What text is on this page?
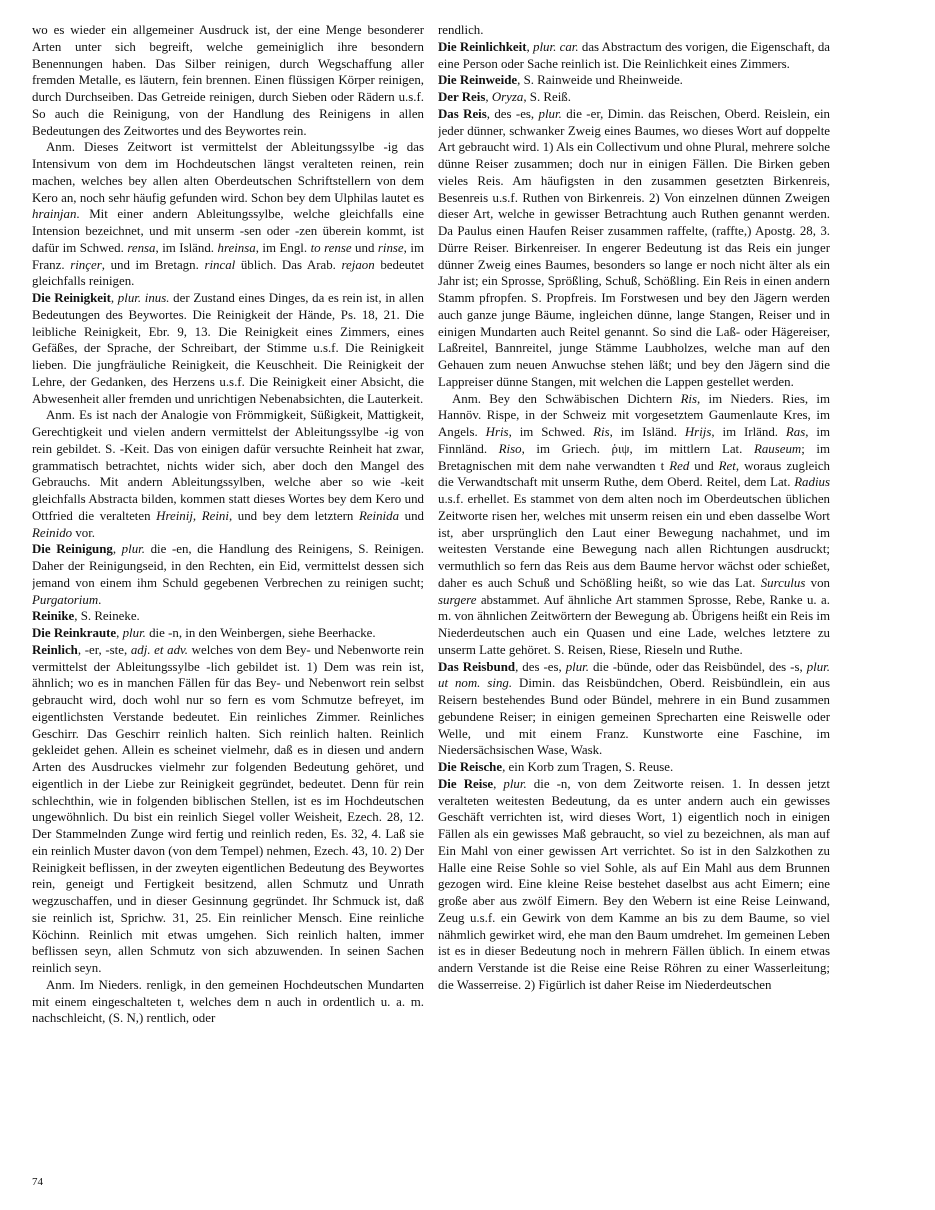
wo es wieder ein allgemeiner Ausdruck ist, der eine Menge besonderer Arten unter sich begreift, welche gemeiniglich ihre besondern Benennungen haben. Das Silber reinigen, durch Wegschaffung aller fremden Metalle, es läutern, fein brennen. Einen flüssigen Körper reinigen, durch Durchseiben. Das Getreide reinigen, durch Sieben oder Rädern u.s.f. So auch die Reinigung, von der Handlung des Reinigens in allen Bedeutungen des Zeitwortes und des Beywortes rein.

Anm. Dieses Zeitwort ist vermittelst der Ableitungssylbe -ig das Intensivum von dem im Hochdeutschen längst veralteten reinen, rein machen, welches bey allen alten Oberdeutschen Schriftstellern von dem Kero an, noch sehr häufig gefunden wird. Schon bey dem Ulphilas lautet es hrainjan. Mit einer andern Ableitungssylbe, welche gleichfalls eine Intension bezeichnet, und mit unserm -sen oder -zen überein kommt, ist dafür im Schwed. rensa, im Isländ. hreinsa, im Engl. to rense und rinse, im Franz. rinçer, und im Bretagn. rincal üblich. Das Arab. rejaon bedeutet gleichfalls reinigen.

Die Reinigkeit, plur. inus. der Zustand eines Dinges, da es rein ist, in allen Bedeutungen des Beywortes. Die Reinigkeit der Hände, Ps. 18, 21. Die leibliche Reinigkeit, Ebr. 9, 13. Die Reinigkeit eines Zimmers, eines Gefäßes, der Sprache, der Schreibart, der Stimme u.s.f. Die Reinigkeit lieben. Die jungfräuliche Reinigkeit, die Keuschheit. Die Reinigkeit der Lehre, der Gedanken, des Herzens u.s.f. Die Reinigkeit einer Absicht, die Abwesenheit aller fremden und unrichtigen Nebenabsichten, die Lauterkeit.

Anm. Es ist nach der Analogie von Frömmigkeit, Süßigkeit, Mattigkeit, Gerechtigkeit und vielen andern vermittelst der Ableitungssylbe -ig von rein gebildet. S. -Keit. Das von einigen dafür versuchte Reinheit hat zwar, grammatisch betrachtet, nichts wider sich, aber doch den Mangel des Gebrauchs. Mit andern Ableitungssylben, welche aber so wie -keit gleichfalls Abstracta bilden, kommen statt dieses Wortes bey dem Kero und Ottfried die veralteten Hreinij, Reini, und bey dem letztern Reinida und Reinido vor.

Die Reinigung, plur. die -en, die Handlung des Reinigens, S. Reinigen. Daher der Reinigungseid, in den Rechten, ein Eid, vermittelst dessen sich jemand von einem ihm Schuld gegebenen Verbrechen zu reinigen sucht; Purgatorium.

Reinike, S. Reineke.

Die Reinkraute, plur. die -n, in den Weinbergen, siehe Beerhacke.

Reinlich, -er, -ste, adj. et adv. welches von dem Bey- und Nebenworte rein vermittelst der Ableitungssylbe -lich gebildet ist. 1) Dem was rein ist, ähnlich; wo es in manchen Fällen für das Bey- und Nebenwort rein selbst gebraucht wird, doch wohl nur so fern es vom Schmutze befreyet, im eigentlichsten Verstande bedeutet. Ein reinliches Zimmer. Reinliches Geschirr. Das Geschirr reinlich halten. Sich reinlich halten. Reinlich gekleidet gehen. Allein es scheinet vielmehr, daß es in diesen und andern Arten des Ausdruckes vielmehr zur folgenden Bedeutung gehöret, und eigentlich in der Liebe zur Reinigkeit gegründet, bedeutet. Denn für rein schlechthin, wie in folgenden biblischen Stellen, ist es im Hochdeutschen ungewöhnlich. Du bist ein reinlich Siegel voller Weisheit, Ezech. 28, 12. Der Stammelnden Zunge wird fertig und reinlich reden, Es. 32, 4. Laß sie ein reinlich Muster davon (von dem Tempel) nehmen, Ezech. 43, 10. 2) Der Reinigkeit beflissen, in der zweyten eigentlichen Bedeutung des Beywortes rein, geneigt und Fertigkeit besitzend, allen Schmutz und Unrath wegzuschaffen, und in dieser Gesinnung gegründet. Ihr Schmuck ist, daß sie reinlich ist, Sprichw. 31, 25. Ein reinlicher Mensch. Eine reinliche Köchinn. Reinlich mit etwas umgehen. Sich reinlich halten, immer beflissen seyn, allen Schmutz von sich abzuwenden. In seinen Sachen reinlich seyn.

Anm. Im Nieders. renligk, in den gemeinen Hochdeutschen Mundarten mit einem eingeschalteten t, welches dem n auch in ordentlich u. a. m. nachschleicht, (S. N,) rentlich, oder

rendlich.

Die Reinlichkeit, plur. car. das Abstractum des vorigen, die Eigenschaft, da eine Person oder Sache reinlich ist. Die Reinlichkeit eines Zimmers.

Die Reinweide, S. Rainweide und Rheinweide.

Der Reis, Oryza, S. Reiß.

Das Reis, des -es, plur. die -er, Dimin. das Reischen, Oberd. Reislein, ein jeder dünner, schwanker Zweig eines Baumes, wo dieses Wort auf doppelte Art gebraucht wird. 1) Als ein Collectivum und ohne Plural, mehrere solche dünne Reiser zusammen; doch nur in einigen Fällen. Die Birken geben vieles Reis. Am häufigsten in den zusammen gesetzten Birkenreis, Besenreis u.s.f. Ruthen von Birkenreis. 2) Von einzelnen dünnen Zweigen dieser Art, welche in gewisser Betrachtung auch Ruthen genannt werden. Da Paulus einen Haufen Reiser zusammen raffelte, (raffte,) Apostg. 28, 3. Dürre Reiser. Birkenreiser. In engerer Bedeutung ist das Reis ein junger dünner Zweig eines Baumes, besonders so lange er noch nicht älter als ein Jahr ist; ein Sprosse, Sprößling, Schuß, Schößling. Ein Reis in einen andern Stamm pfropfen. S. Propfreis. Im Forstwesen und bey den Jägern werden auch ganze junge Bäume, ingleichen dünne, lange Stangen, Reiser und in einigen Mundarten auch Reitel genannt. So sind die Laß- oder Hägereiser, Laßreitel, Bannreitel, junge Stämme Laubholzes, welche man auf den Gehauen zum neuen Anwuchse stehen läßt; und bey den Jägern sind die Lappreiser dünne Stangen, mit welchen die Lappen gestellet werden.

Anm. Bey den Schwäbischen Dichtern Ris, im Nieders. Ries, im Hannöv. Rispe, in der Schweiz mit vorgesetztem Gaumenlaute Kres, im Angels. Hris, im Schwed. Ris, im Isländ. Hrijs, im Irländ. Ras, im Finnländ. Riso, im Griech. ῥιψ, im mittlern Lat. Rauseum; im Bretagnischen mit dem nahe verwandten t Red und Ret, woraus zugleich die Verwandtschaft mit unserm Ruthe, dem Oberd. Reitel, dem Lat. Radius u.s.f. erhellet. Es stammet von dem alten noch im Oberdeutschen üblichen Zeitworte risen her, welches mit unserm reisen ein und eben dasselbe Wort ist, aber ursprünglich den Laut einer Bewegung nachahmet, und im weitesten Verstande eine Bewegung nach allen Richtungen ausdruckt; vermuthlich so fern das Reis aus dem Baume hervor wächst oder schießet, daher es auch Schuß und Schößling heißt, so wie das Lat. Surculus von surgere abstammet. Auf ähnliche Art stammen Sprosse, Rebe, Ranke u. a. m. von ähnlichen Zeitwörtern der Bewegung ab. Übrigens heißt ein Reis im Niederdeutschen auch ein Quasen und eine Lade, welches letztere zu unserm Latte gehöret. S. Reisen, Riese, Rieseln und Ruthe.

Das Reisbund, des -es, plur. die -bünde, oder das Reisbündel, des -s, plur. ut nom. sing. Dimin. das Reisbündchen, Oberd. Reisbündlein, ein aus Reisern bestehendes Bund oder Bündel, mehrere in ein Bund zusammen gebundene Reiser; in einigen gemeinen Sprecharten eine Reiswelle oder Welle, und mit einem Franz. Kunstworte eine Faschine, im Niedersächsischen Wase, Wask.

Die Reische, ein Korb zum Tragen, S. Reuse.

Die Reise, plur. die -n, von dem Zeitworte reisen. 1. In dessen jetzt veralteten weitesten Bedeutung, da es unter andern auch ein gewisses Geschäft verrichten ist, wird dieses Wort, 1) eigentlich noch in einigen Fällen als ein gewisses Maß gebraucht, so viel zu bezeichnen, als man auf Ein Mahl von einer gewissen Art verrichtet. So ist in den Salzkothen zu Halle eine Reise Sohle so viel Sohle, als auf Ein Mahl aus dem Brunnen gezogen wird. Eine kleine Reise bestehet daselbst aus acht Eimern; eine große aber aus zwölf Eimern. Bey den Webern ist eine Reise Leinwand, Zeug u.s.f. ein Gewirk von dem Kamme an bis zu dem Baume, so viel nähmlich gewirket wird, ehe man den Baum umdrehet. Im gemeinen Leben ist es in dieser Bedeutung noch in mehrern Fällen üblich. In einem etwas andern Verstande ist die Reise eine Reise Röhren zu einer Wasserleitung; die Wasserreise. 2) Figürlich ist daher Reise im Niederdeutschen

74
